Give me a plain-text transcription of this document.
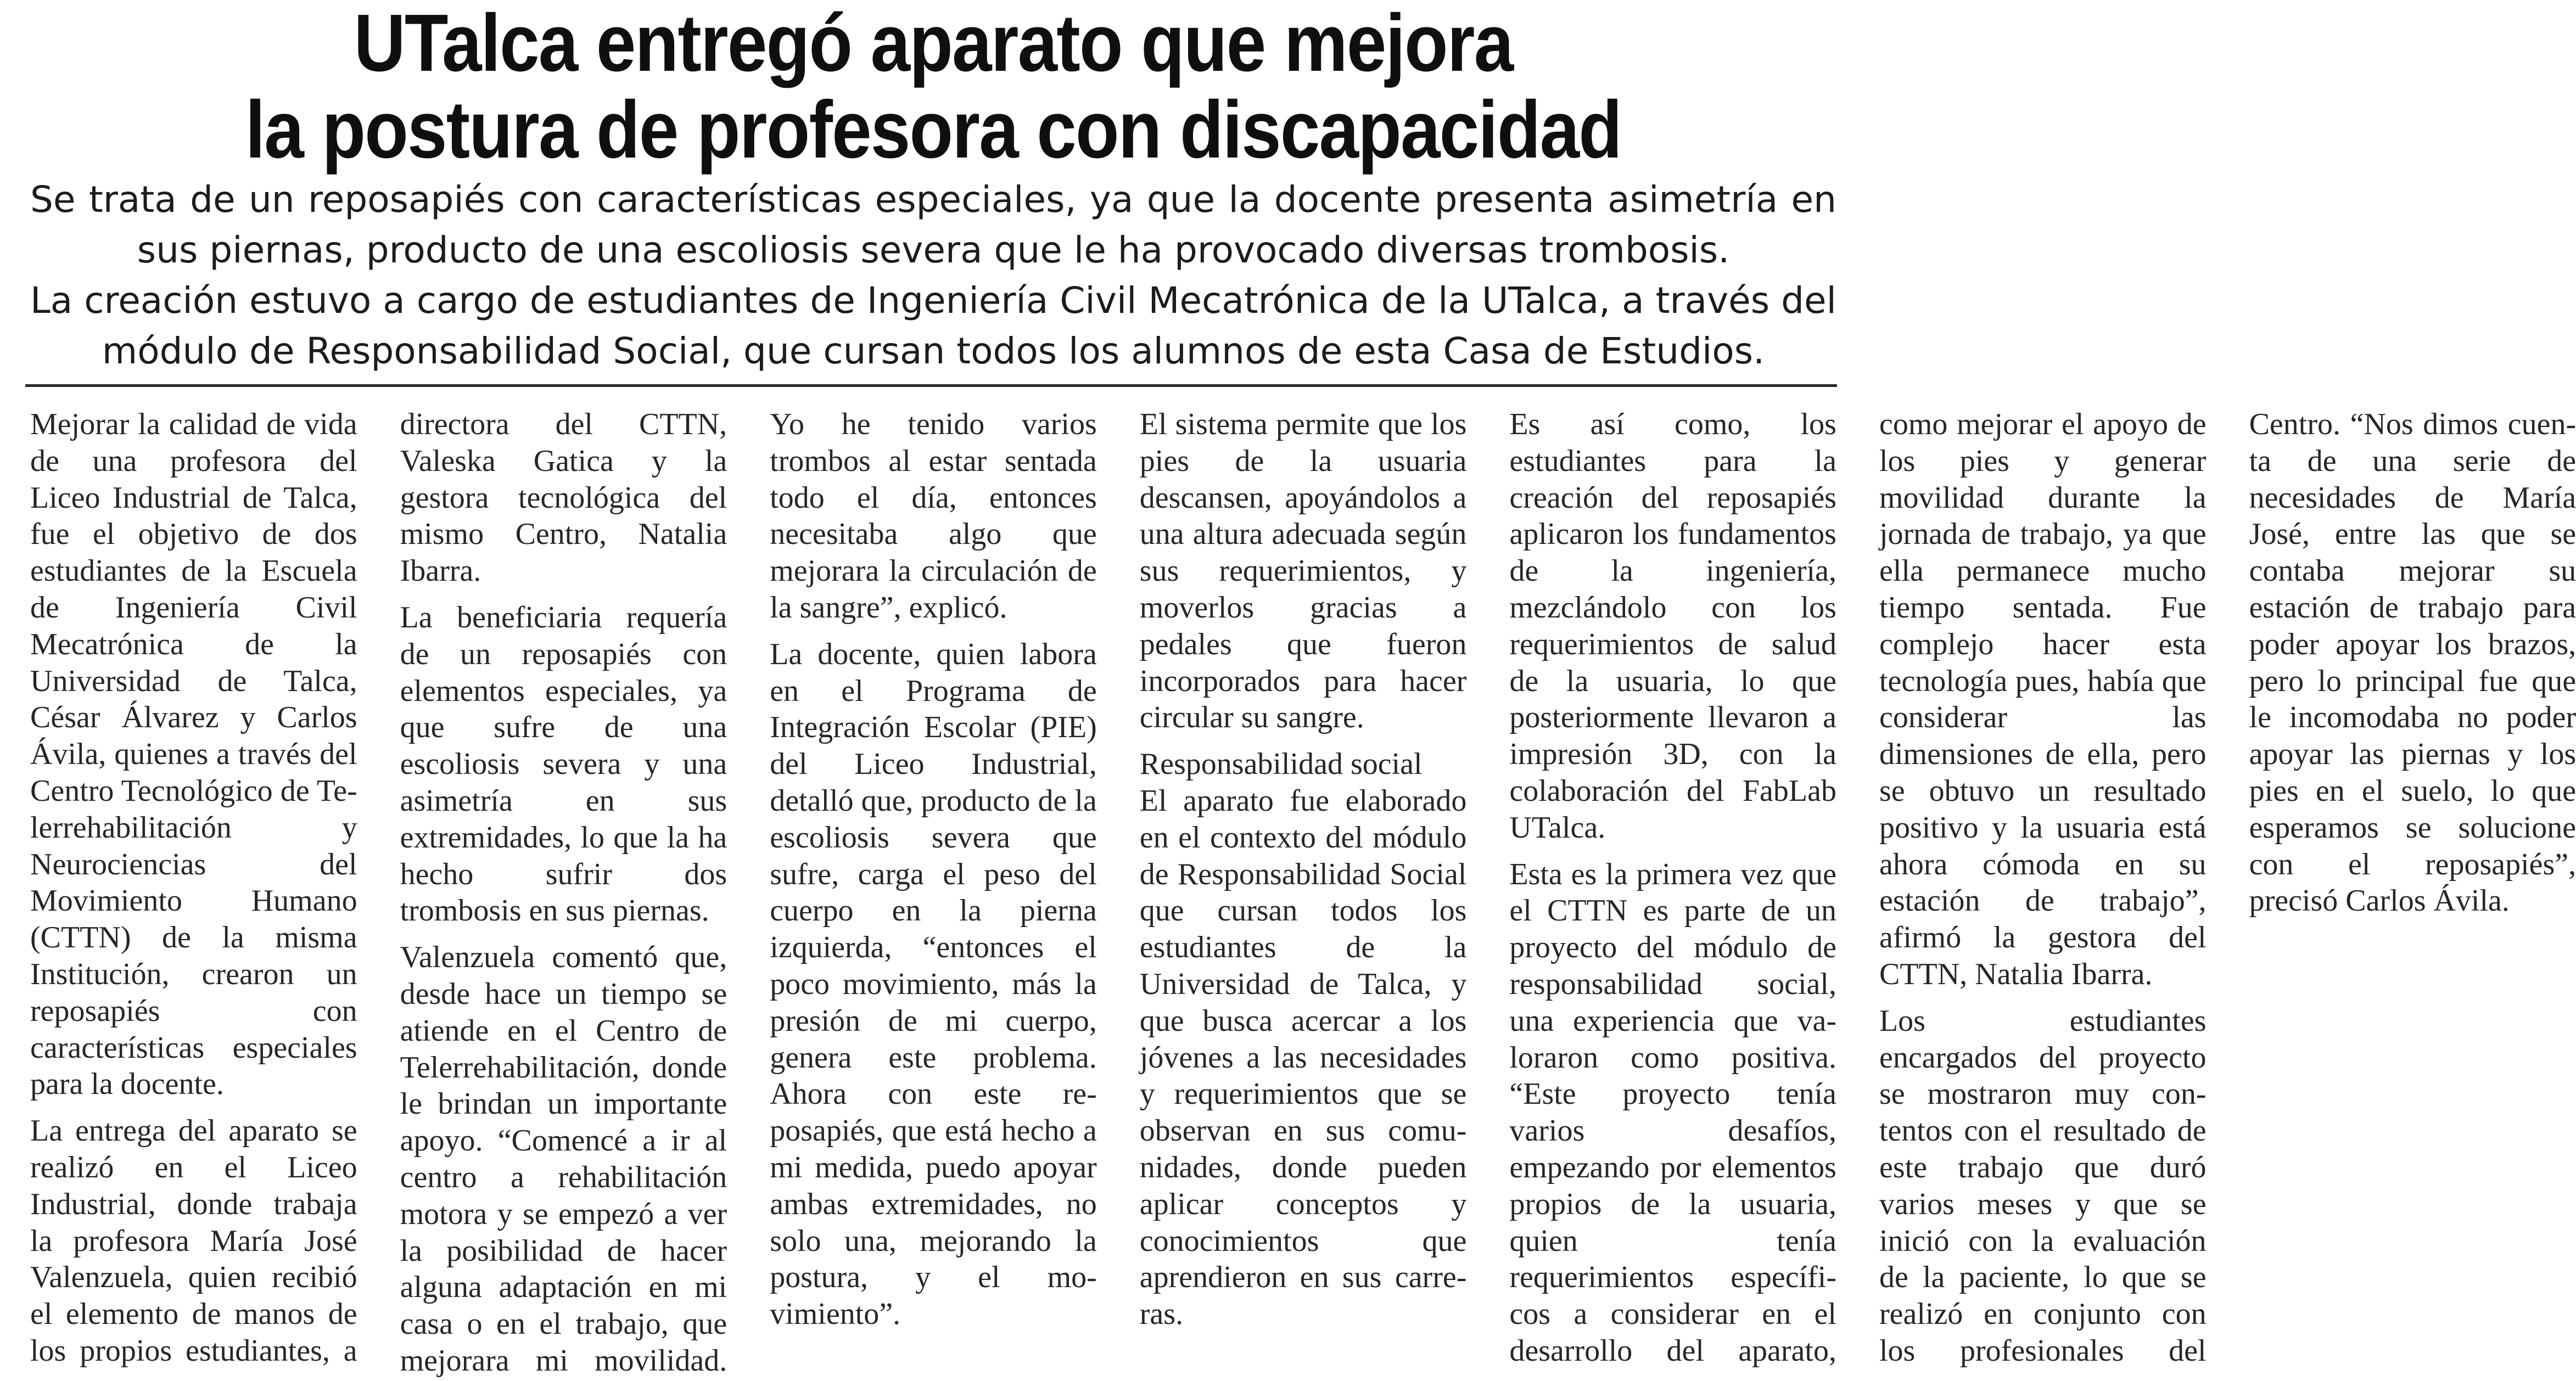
UTalca entregó aparato que mejora
la postura de profesora con discapacidad

Se trata de un reposapiés con características especiales, ya que la docente presenta asimetría en sus piernas, producto de una escoliosis severa que le ha provocado diversas trombosis.

La creación estuvo a cargo de estudiantes de Ingeniería Civil Mecatrónica de la UTalca, a través del módulo de Responsabilidad Social, que cursan todos los alumnos de esta Casa de Estudios.

Mejorar la calidad de vida de una profesora del Liceo Industrial de Talca, fue el objetivo de dos estudiantes de la Escuela de Ingeniería Civil Mecatrónica de la Universidad de Talca, César Álvarez y Carlos Ávila, quienes a través del Centro Tecnológico de Telerrehabilitación y Neurociencias del Movimiento Humano (CTTN) de la misma Institución, crearon un reposapiés con características especiales para la docente.

La entrega del aparato se realizó en el Liceo Industrial, donde trabaja la profesora María José Valenzuela, quien recibió el elemento de manos de los propios estudiantes, a directora del CTTN, Valeska Gatica y la gestora tecnológica del mismo Centro, Natalia Ibarra.

La beneficiaria requería de un reposapiés con elementos especiales, ya que sufre de una escoliosis severa y una asimetría en sus extremidades, lo que la ha hecho sufrir dos trombosis en sus piernas.

Valenzuela comentó que, desde hace un tiempo se atiende en el Centro de Telerrehabilitación, donde le brindan un importante apoyo. “Comencé a ir al centro a rehabilitación motora y se empezó a ver la posibilidad de hacer alguna adaptación en mi casa o en el trabajo, que mejorara mi movilidad. Yo he tenido varios trombos al estar sentada todo el día, entonces necesitaba algo que mejorara la circulación de la sangre”, explicó.

La docente, quien labora en el Programa de Integración Escolar (PIE) del Liceo Industrial, detalló que, producto de la escoliosis severa que sufre, carga el peso del cuerpo en la pierna izquierda, “entonces el poco movimiento, más la presión de mi cuerpo, genera este problema. Ahora con este reposapiés, que está hecho a mi medida, puedo apoyar ambas extremidades, no solo una, mejorando la postura, y el movimiento”.

El sistema permite que los pies de la usuaria descansen, apoyándolos a una altura adecuada según sus requerimientos, y moverlos gracias a pedales que fueron incorporados para hacer circular su sangre.

Responsabilidad social

El aparato fue elaborado en el contexto del módulo de Responsabilidad Social que cursan todos los estudiantes de la Universidad de Talca, y que busca acercar a los jóvenes a las necesidades y requerimientos que se observan en sus comunidades, donde pueden aplicar conceptos y conocimientos que aprendieron en sus carreras.

Es así como, los estudiantes para la creación del reposapiés aplicaron los fundamentos de la ingeniería, mezclándolo con los requerimientos de salud de la usuaria, lo que posteriormente llevaron a impresión 3D, con la colaboración del FabLab UTalca.

Esta es la primera vez que el CTTN es parte de un proyecto del módulo de responsabilidad social, una experiencia que valoraron como positiva. “Este proyecto tenía varios desafíos, empezando por elementos propios de la usuaria, quien tenía requerimientos específicos a considerar en el desarrollo del aparato, como mejorar el apoyo de los pies y generar movilidad durante la jornada de trabajo, ya que ella permanece mucho tiempo sentada. Fue complejo hacer esta tecnología pues, había que considerar las dimensiones de ella, pero se obtuvo un resultado positivo y la usuaria está ahora cómoda en su estación de trabajo”, afirmó la gestora del CTTN, Natalia Ibarra.

Los estudiantes encargados del proyecto se mostraron muy contentos con el resultado de este trabajo que duró varios meses y que se inició con la evaluación de la paciente, lo que se realizó en conjunto con los profesionales del Centro. “Nos dimos cuenta de una serie de necesidades de María José, entre las que se contaba mejorar su estación de trabajo para poder apoyar los brazos, pero lo principal fue que le incomodaba no poder apoyar las piernas y los pies en el suelo, lo que esperamos se solucione con el reposapiés”, precisó Carlos Ávila.
